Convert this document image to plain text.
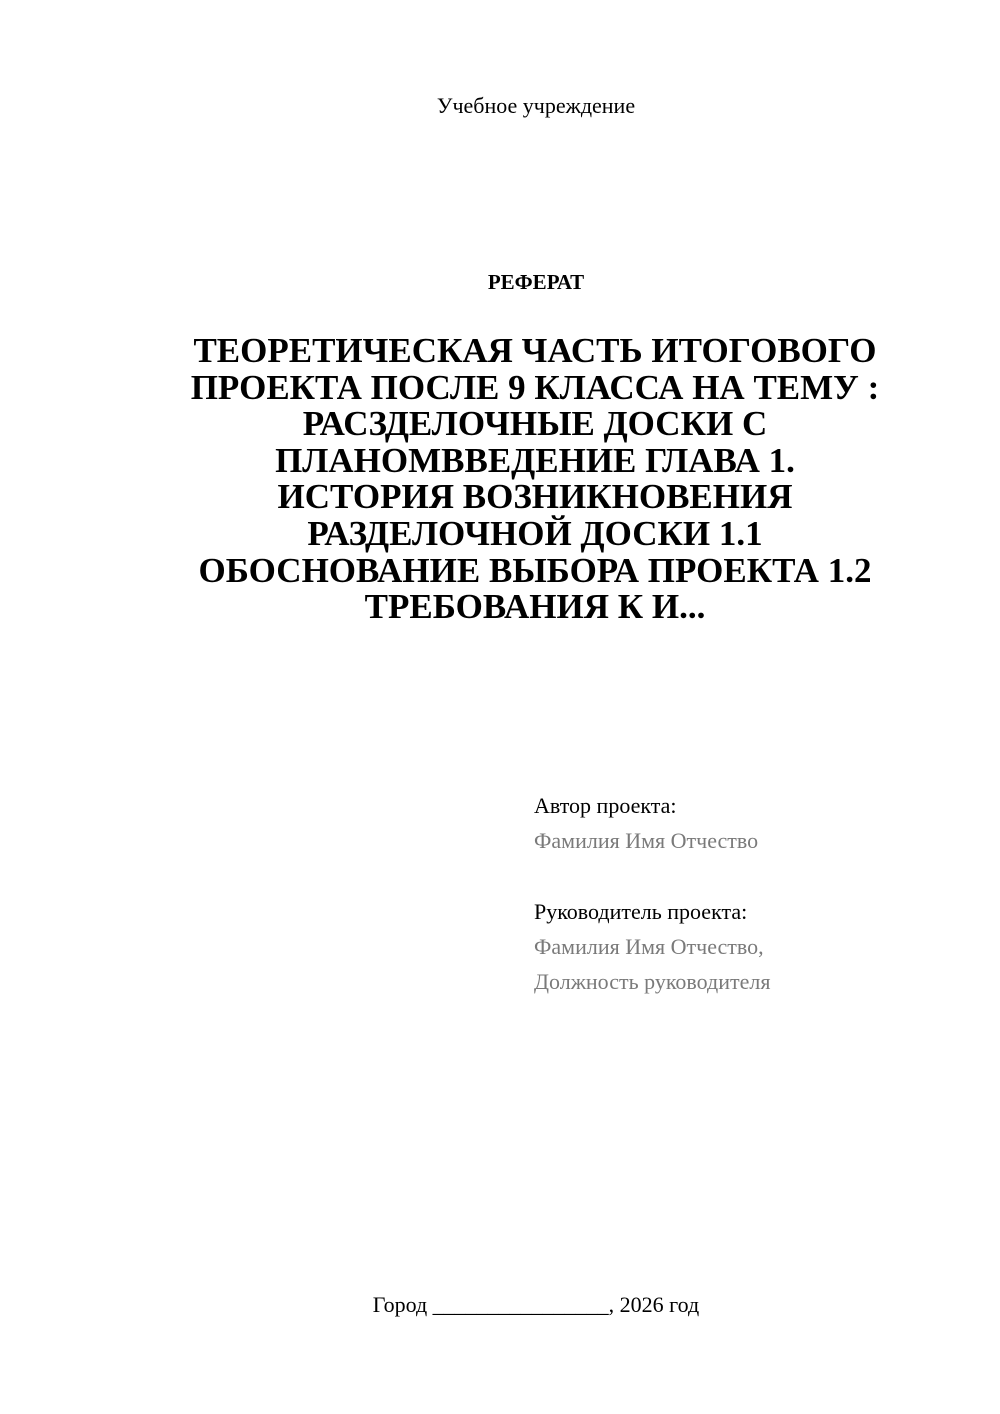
Учебное учреждение
РЕФЕРАТ
ТЕОРЕТИЧЕСКАЯ ЧАСТЬ ИТОГОВОГО
ПРОЕКТА ПОСЛЕ 9 КЛАССА НА ТЕМУ :
РАСЗДЕЛОЧНЫЕ ДОСКИ С
ПЛАНОМВВЕДЕНИЕ ГЛАВА 1.
ИСТОРИЯ ВОЗНИКНОВЕНИЯ
РАЗДЕЛОЧНОЙ ДОСКИ 1.1
ОБОСНОВАНИЕ ВЫБОРА ПРОЕКТА 1.2
ТРЕБОВАНИЯ К И...
Автор проекта:
Фамилия Имя Отчество
Руководитель проекта:
Фамилия Имя Отчество,
Должность руководителя
Город ________________, 2026 год
